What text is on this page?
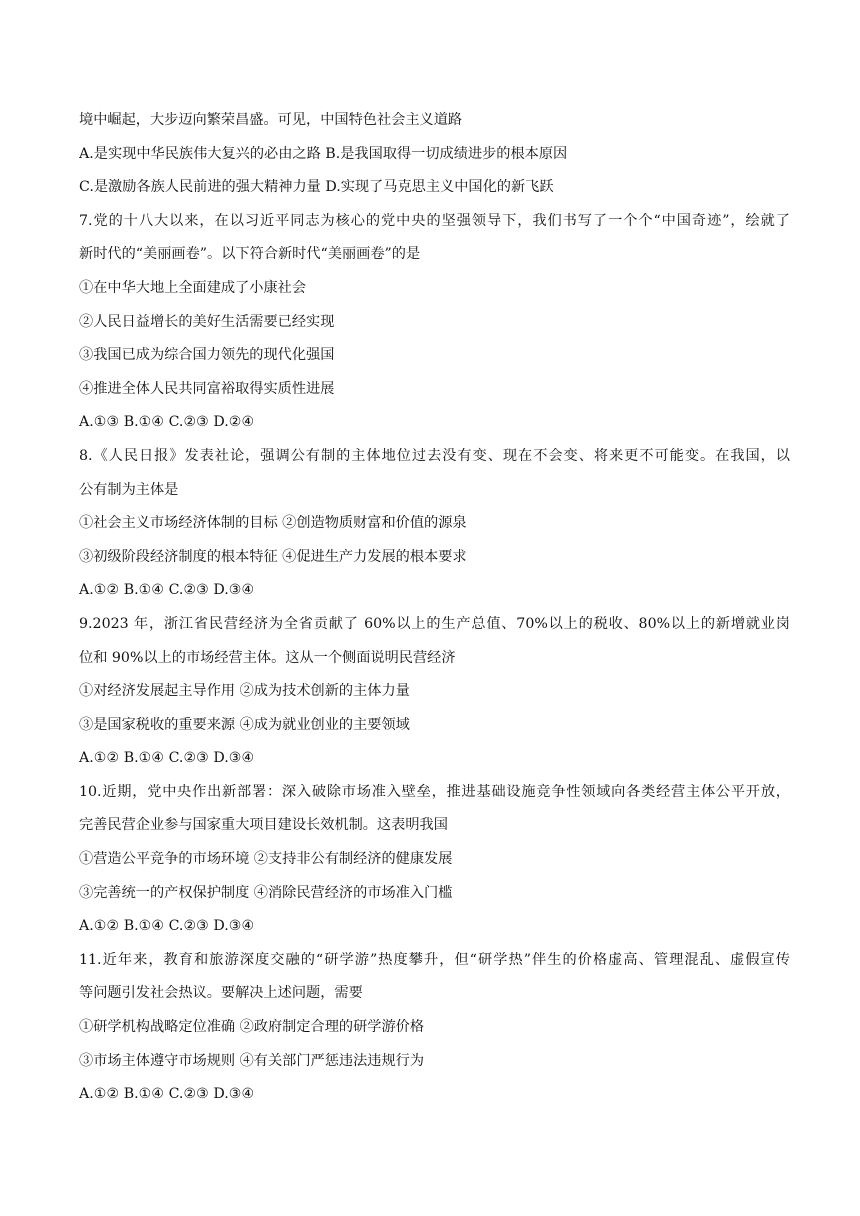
境中崛起，大步迈向繁荣昌盛。可见，中国特色社会主义道路
A.是实现中华民族伟大复兴的必由之路 B.是我国取得一切成绩进步的根本原因
C.是激励各族人民前进的强大精神力量 D.实现了马克思主义中国化的新飞跃
7.党的十八大以来，在以习近平同志为核心的党中央的坚强领导下，我们书写了一个个“中国奇迹”，绘就了
新时代的“美丽画卷”。以下符合新时代“美丽画卷”的是
①在中华大地上全面建成了小康社会
②人民日益增长的美好生活需要已经实现
③我国已成为综合国力领先的现代化强国
④推进全体人民共同富裕取得实质性进展
A.①③ B.①④ C.②③ D.②④
8.《人民日报》发表社论，强调公有制的主体地位过去没有变、现在不会变、将来更不可能变。在我国，以
公有制为主体是
①社会主义市场经济体制的目标 ②创造物质财富和价值的源泉
③初级阶段经济制度的根本特征 ④促进生产力发展的根本要求
A.①② B.①④ C.②③ D.③④
9.2023 年，浙江省民营经济为全省贡献了 60%以上的生产总值、70%以上的税收、80%以上的新增就业岗
位和 90%以上的市场经营主体。这从一个侧面说明民营经济
①对经济发展起主导作用 ②成为技术创新的主体力量
③是国家税收的重要来源 ④成为就业创业的主要领域
A.①② B.①④ C.②③ D.③④
10.近期，党中央作出新部署：深入破除市场准入壁垒，推进基础设施竞争性领域向各类经营主体公平开放，
完善民营企业参与国家重大项目建设长效机制。这表明我国
①营造公平竞争的市场环境 ②支持非公有制经济的健康发展
③完善统一的产权保护制度 ④消除民营经济的市场准入门槛
A.①② B.①④ C.②③ D.③④
11.近年来，教育和旅游深度交融的“研学游”热度攀升，但“研学热”伴生的价格虚高、管理混乱、虚假宣传
等问题引发社会热议。要解决上述问题，需要
①研学机构战略定位准确 ②政府制定合理的研学游价格
③市场主体遵守市场规则 ④有关部门严惩违法违规行为
A.①② B.①④ C.②③ D.③④
